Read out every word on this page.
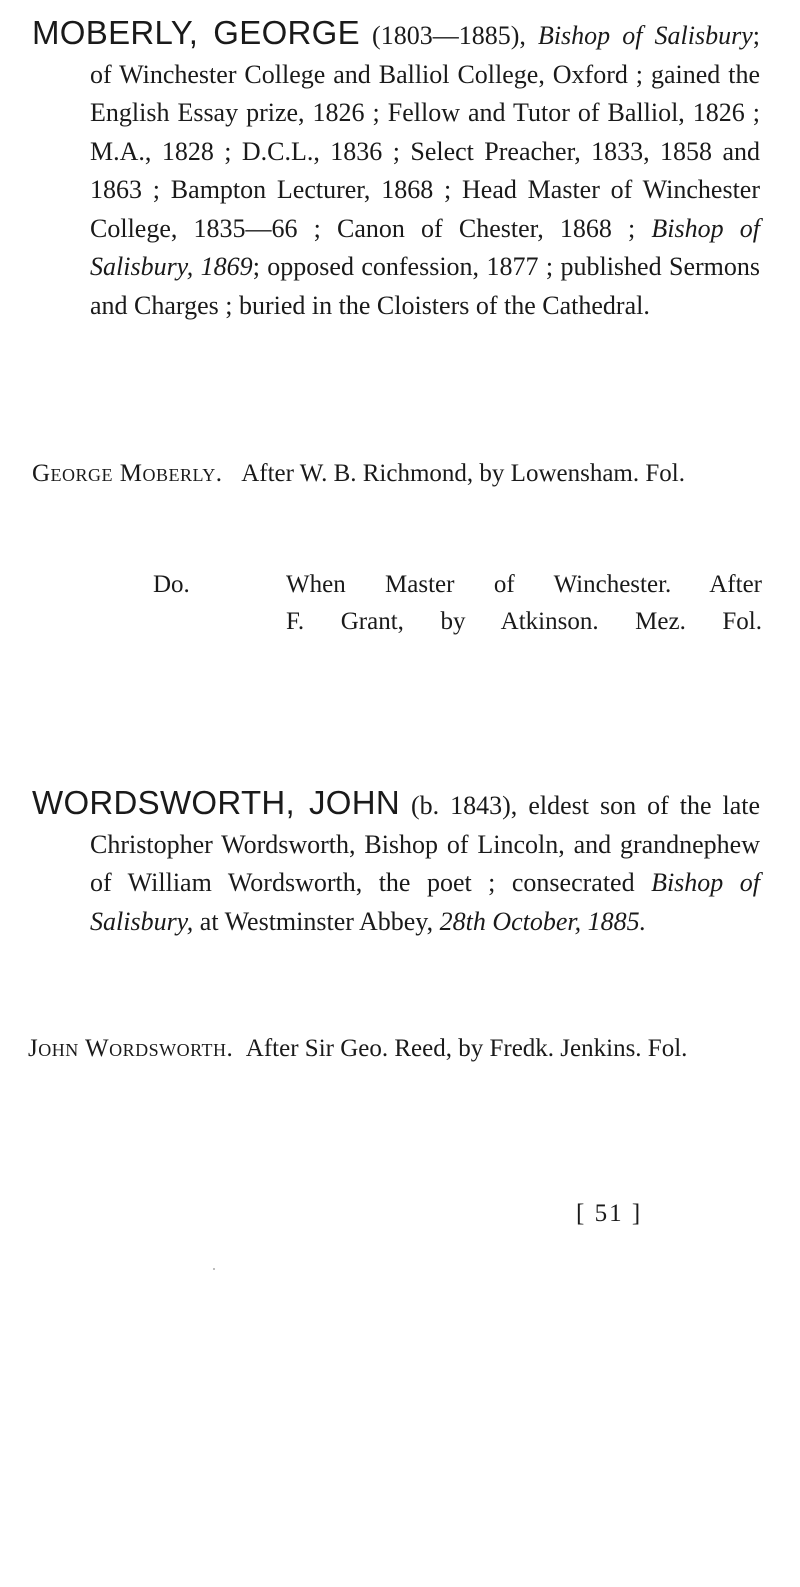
MOBERLY, GEORGE (1803—1885), Bishop of Salisbury; of Winchester College and Balliol College, Oxford ; gained the English Essay prize, 1826 ; Fellow and Tutor of Balliol, 1826 ; M.A., 1828 ; D.C.L., 1836 ; Select Preacher, 1833, 1858 and 1863 ; Bampton Lecturer, 1868 ; Head Master of Winchester College, 1835—66 ; Canon of Chester, 1868 ; Bishop of Salisbury, 1869; opposed confession, 1877 ; published Sermons and Charges ; buried in the Cloisters of the Cathedral.
George Moberly. After W. B. Richmond, by Lowensham. Fol.
Do.	When Master of Winchester. After
F. Grant, by Atkinson. Mez. Fol.
WORDSWORTH, JOHN (b. 1843), eldest son of the late Christopher Wordsworth, Bishop of Lincoln, and grandnephew of William Wordsworth, the poet ; consecrated Bishop of Salisbury, at Westminster Abbey, 28th October, 1885.
John Wordsworth. After Sir Geo. Reed, by Fredk. Jenkins. Fol.
[ 51 ]
